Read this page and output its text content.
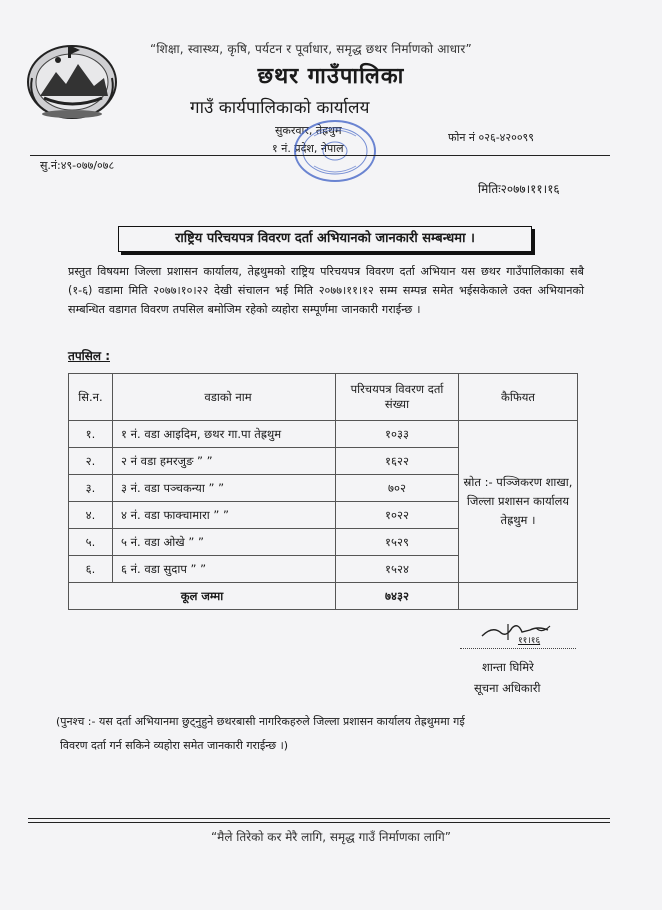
“शिक्षा, स्वास्थ्य, कृषि, पर्यटन र पूर्वाधार, समृद्ध छथर निर्माणको आधार”
छथर गाउँपालिका
गाउँ कार्यपालिकाको कार्यालय
सुकरवार, तेह्रथुम
१ नं. प्रदेश, नेपाल
फोन नं ०२६-४२००९९
सु.नं:४९-०७७/०७८
मितिः२०७७।११।१६
राष्ट्रिय परिचयपत्र विवरण दर्ता अभियानको जानकारी सम्बन्धमा ।
प्रस्तुत विषयमा जिल्ला प्रशासन कार्यालय, तेह्रथुमको राष्ट्रिय परिचयपत्र विवरण दर्ता अभियान यस छथर गाउँपालिकाका सबै (१-६) वडामा मिति २०७७।१०।२२ देखी संचालन भई मिति २०७७।११।१२ सम्म सम्पन्न समेत भईसकेकाले उक्त अभियानको सम्बन्धित वडागत विवरण तपसिल बमोजिम रहेको व्यहोरा सम्पूर्णमा जानकारी गराईन्छ ।
तपसिल :
सि.न.	वडाको नाम	परिचयपत्र विवरण दर्ता संख्या	कैफियत
१.	१ नं. वडा आइदिम, छथर गा.पा तेह्रथुम	१०३३	स्रोत :- पञ्जिकरण शाखा,
जिल्ला प्रशासन कार्यालय
तेह्रथुम ।

२.	२ नं वडा हमरजुङ ” ”	१६२२	
३.	३ नं. वडा पञ्चकन्या ” ”	७०२	
४.	४ नं. वडा फाक्चामारा ” ”	१०२२	
५.	५ नं. वडा ओखे ” ”	१५२९	
६.	६ नं. वडा सुदाप ” ”	१५२४	
कूल जम्मा		७४३२	
११।१६
शान्ता घिमिरे
सूचना अधिकारी
(पुनश्च :- यस दर्ता अभियानमा छुट्नुहुने छथरबासी नागरिकहरुले जिल्ला प्रशासन कार्यालय तेह्रथुममा गई
विवरण दर्ता गर्न सकिने व्यहोरा समेत जानकारी गराईन्छ ।)
“मैले तिरेको कर मेरै लागि, समृद्ध गाउँ निर्माणका लागि”
